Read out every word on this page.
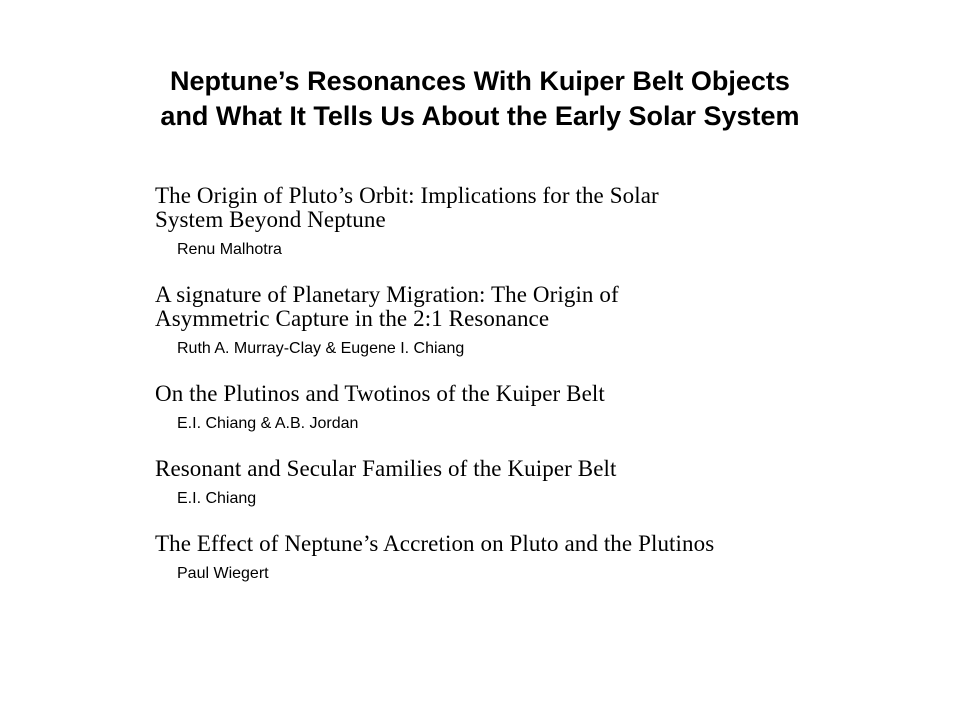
Neptune’s Resonances With Kuiper Belt Objects
and What It Tells Us About the Early Solar System
The Origin of Pluto’s Orbit: Implications for the Solar
System Beyond Neptune
Renu Malhotra
A signature of Planetary Migration: The Origin of
Asymmetric Capture in the 2:1 Resonance
Ruth A. Murray-Clay & Eugene I. Chiang
On the Plutinos and Twotinos of the Kuiper Belt
E.I. Chiang & A.B. Jordan
Resonant and Secular Families of the Kuiper Belt
E.I. Chiang
The Effect of Neptune’s Accretion on Pluto and the Plutinos
Paul Wiegert
